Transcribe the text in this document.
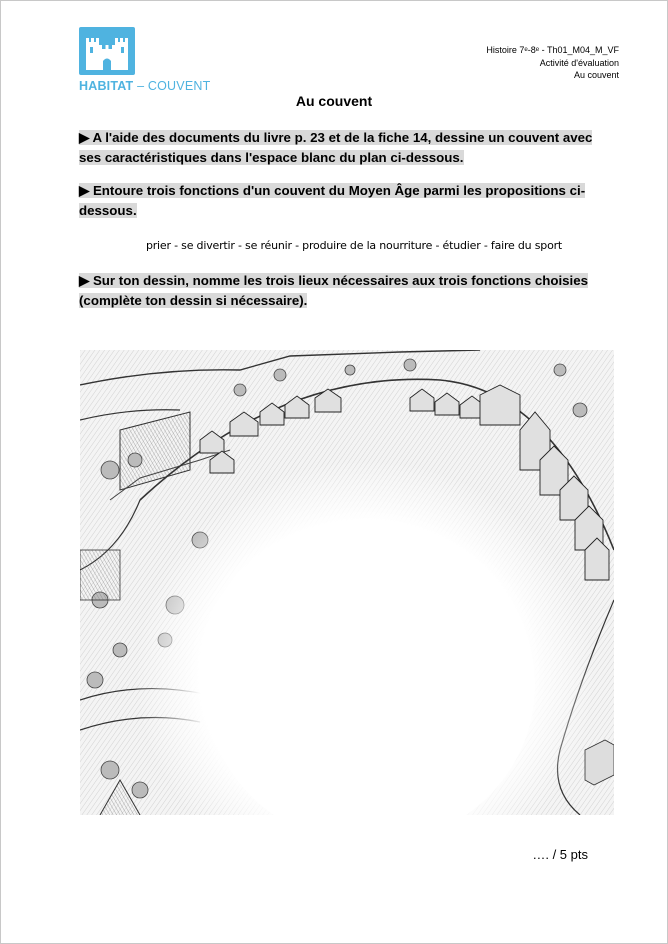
HABITAT – COUVENT
Histoire 7ᵉ-8ᵉ - Th01_M04_M_VF
Activité d'évaluation
Au couvent
Au couvent
▶ A l'aide des documents du livre p. 23 et de la fiche 14, dessine un couvent avec ses caractéristiques dans l'espace blanc du plan ci-dessous.
▶ Entoure trois fonctions d'un couvent du Moyen Âge parmi les propositions ci-dessous.
prier - se divertir - se réunir - produire de la nourriture - étudier - faire du sport
▶ Sur ton dessin, nomme les trois lieux nécessaires aux trois fonctions choisies (complète ton dessin si nécessaire).
…. / 5 pts
